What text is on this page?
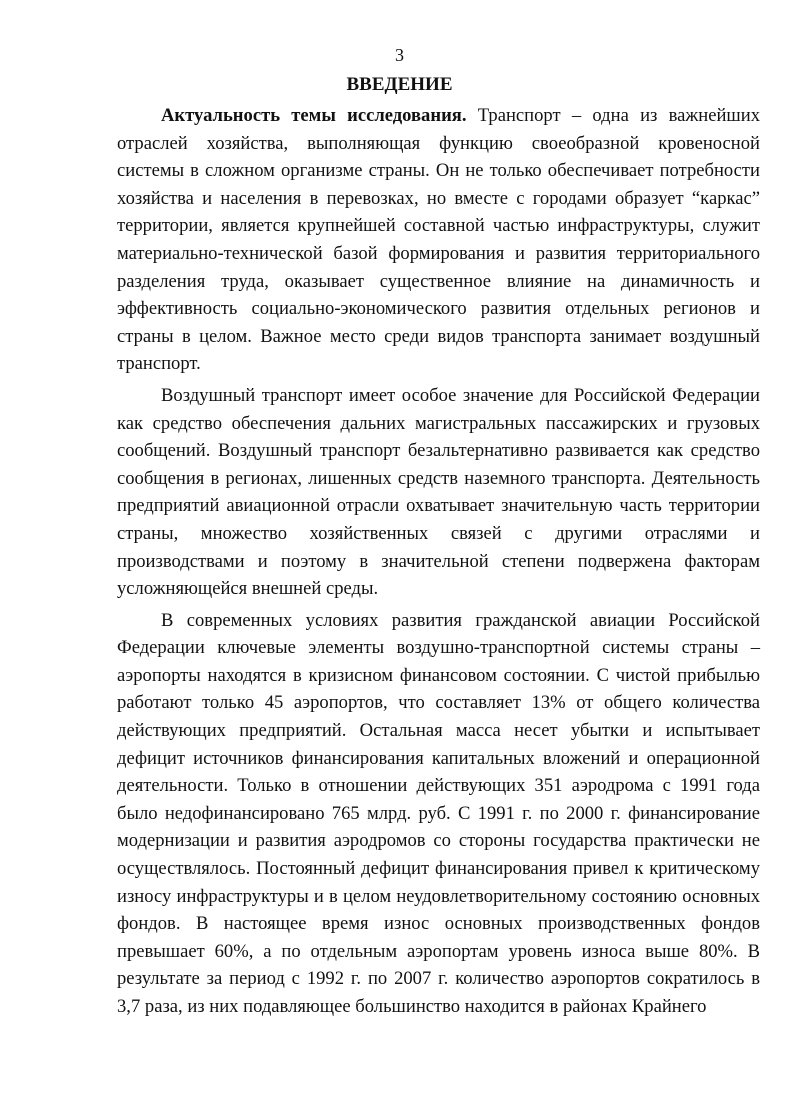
3
ВВЕДЕНИЕ

Актуальность темы исследования. Транспорт – одна из важнейших отраслей хозяйства, выполняющая функцию своеобразной кровеносной системы в сложном организме страны. Он не только обеспечивает потребности хозяйства и населения в перевозках, но вместе с городами образует “каркас” территории, является крупнейшей составной частью инфраструктуры, служит материально-технической базой формирования и развития территориального разделения труда, оказывает существенное влияние на динамичность и эффективность социально-экономического развития отдельных регионов и страны в целом. Важное место среди видов транспорта занимает воздушный транспорт.

Воздушный транспорт имеет особое значение для Российской Федерации как средство обеспечения дальних магистральных пассажирских и грузовых сообщений. Воздушный транспорт безальтернативно развивается как средство сообщения в регионах, лишенных средств наземного транспорта. Деятельность предприятий авиационной отрасли охватывает значительную часть территории страны, множество хозяйственных связей с другими отраслями и производствами и поэтому в значительной степени подвержена факторам усложняющейся внешней среды.

В современных условиях развития гражданской авиации Российской Федерации ключевые элементы воздушно-транспортной системы страны – аэропорты находятся в кризисном финансовом состоянии. С чистой прибылью работают только 45 аэропортов, что составляет 13% от общего количества действующих предприятий. Остальная масса несет убытки и испытывает дефицит источников финансирования капитальных вложений и операционной деятельности. Только в отношении действующих 351 аэродрома с 1991 года было недофинансировано 765 млрд. руб. С 1991 г. по 2000 г. финансирование модернизации и развития аэродромов со стороны государства практически не осуществлялось. Постоянный дефицит финансирования привел к критическому износу инфраструктуры и в целом неудовлетворительному состоянию основных фондов. В настоящее время износ основных производственных фондов превышает 60%, а по отдельным аэропортам уровень износа выше 80%. В результате за период с 1992 г. по 2007 г. количество аэропортов сократилось в 3,7 раза, из них подавляющее большинство находится в районах Крайнего
